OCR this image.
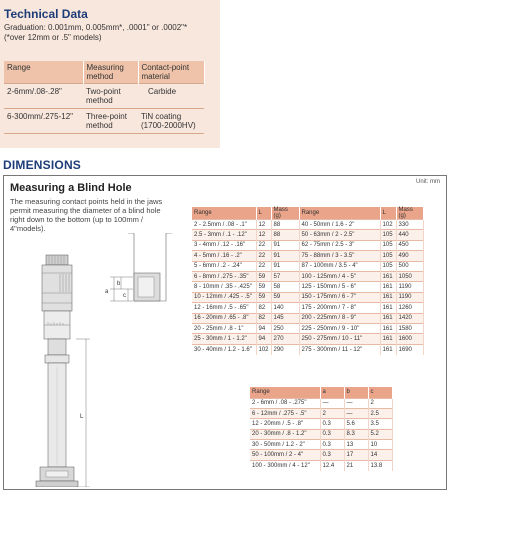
Technical Data
Graduation: 0.001mm, 0.005mm*, .0001" or .0002"*
(*over 12mm or .5" models)
Range	Measuring method	Contact-point material
2-6mm/.08-.28"	Two-point method	Carbide
6-300mm/.275-12"	Three-point method	TiN coating (1700-2000HV)
DIMENSIONS
Unit: mm
Measuring a Blind Hole
The measuring contact points held in the jaws permit measuring the diameter of a blind hole right down to the bottom (up to 100mm / 4"models).
a
b
c
L
Range	L	Mass (g)	Range	L	Mass (g)
2 - 2.5mm / .08 - .1"	12	88	40 - 50mm / 1.6 - 2"	102	330
2.5 - 3mm / .1 - .12"	12	88	50 - 63mm / 2 - 2.5"	105	440
3 - 4mm / .12 - .16"	22	91	62 - 75mm / 2.5 - 3"	105	450
4 - 5mm / .16 - .2"	22	91	75 - 88mm / 3 - 3.5"	105	490
5 - 6mm / .2 - .24"	22	91	87 - 100mm / 3.5 - 4"	105	500
6 - 8mm / .275 - .35"	59	57	100 - 125mm / 4 - 5"	161	1050
8 - 10mm / .35 - .425"	59	58	125 - 150mm / 5 - 6"	161	1190
10 - 12mm / .425 - .5"	59	59	150 - 175mm / 6 - 7"	161	1190
12 - 16mm / .5 - .65"	82	140	175 - 200mm / 7 - 8"	161	1260
16 - 20mm / .65 - .8"	82	145	200 - 225mm / 8 - 9"	161	1420
20 - 25mm / .8 - 1"	94	250	225 - 250mm / 9 - 10"	161	1580
25 - 30mm / 1 - 1.2"	94	270	250 - 275mm / 10 - 11"	161	1600
30 - 40mm / 1.2 - 1.6"	102	290	275 - 300mm / 11 - 12"	161	1690
Range	a	b	c
2 - 6mm / .08 - .275"	—	—	2
6 - 12mm / .275 - .5"	2	—	2.5
12 - 20mm / .5 - .8"	0.3	5.6	3.5
20 - 30mm / .8 - 1.2"	0.3	8.3	5.2
30 - 50mm / 1.2 - 2"	0.3	13	10
50 - 100mm / 2 - 4"	0.3	17	14
100 - 300mm / 4 - 12"	12.4	21	13.8
